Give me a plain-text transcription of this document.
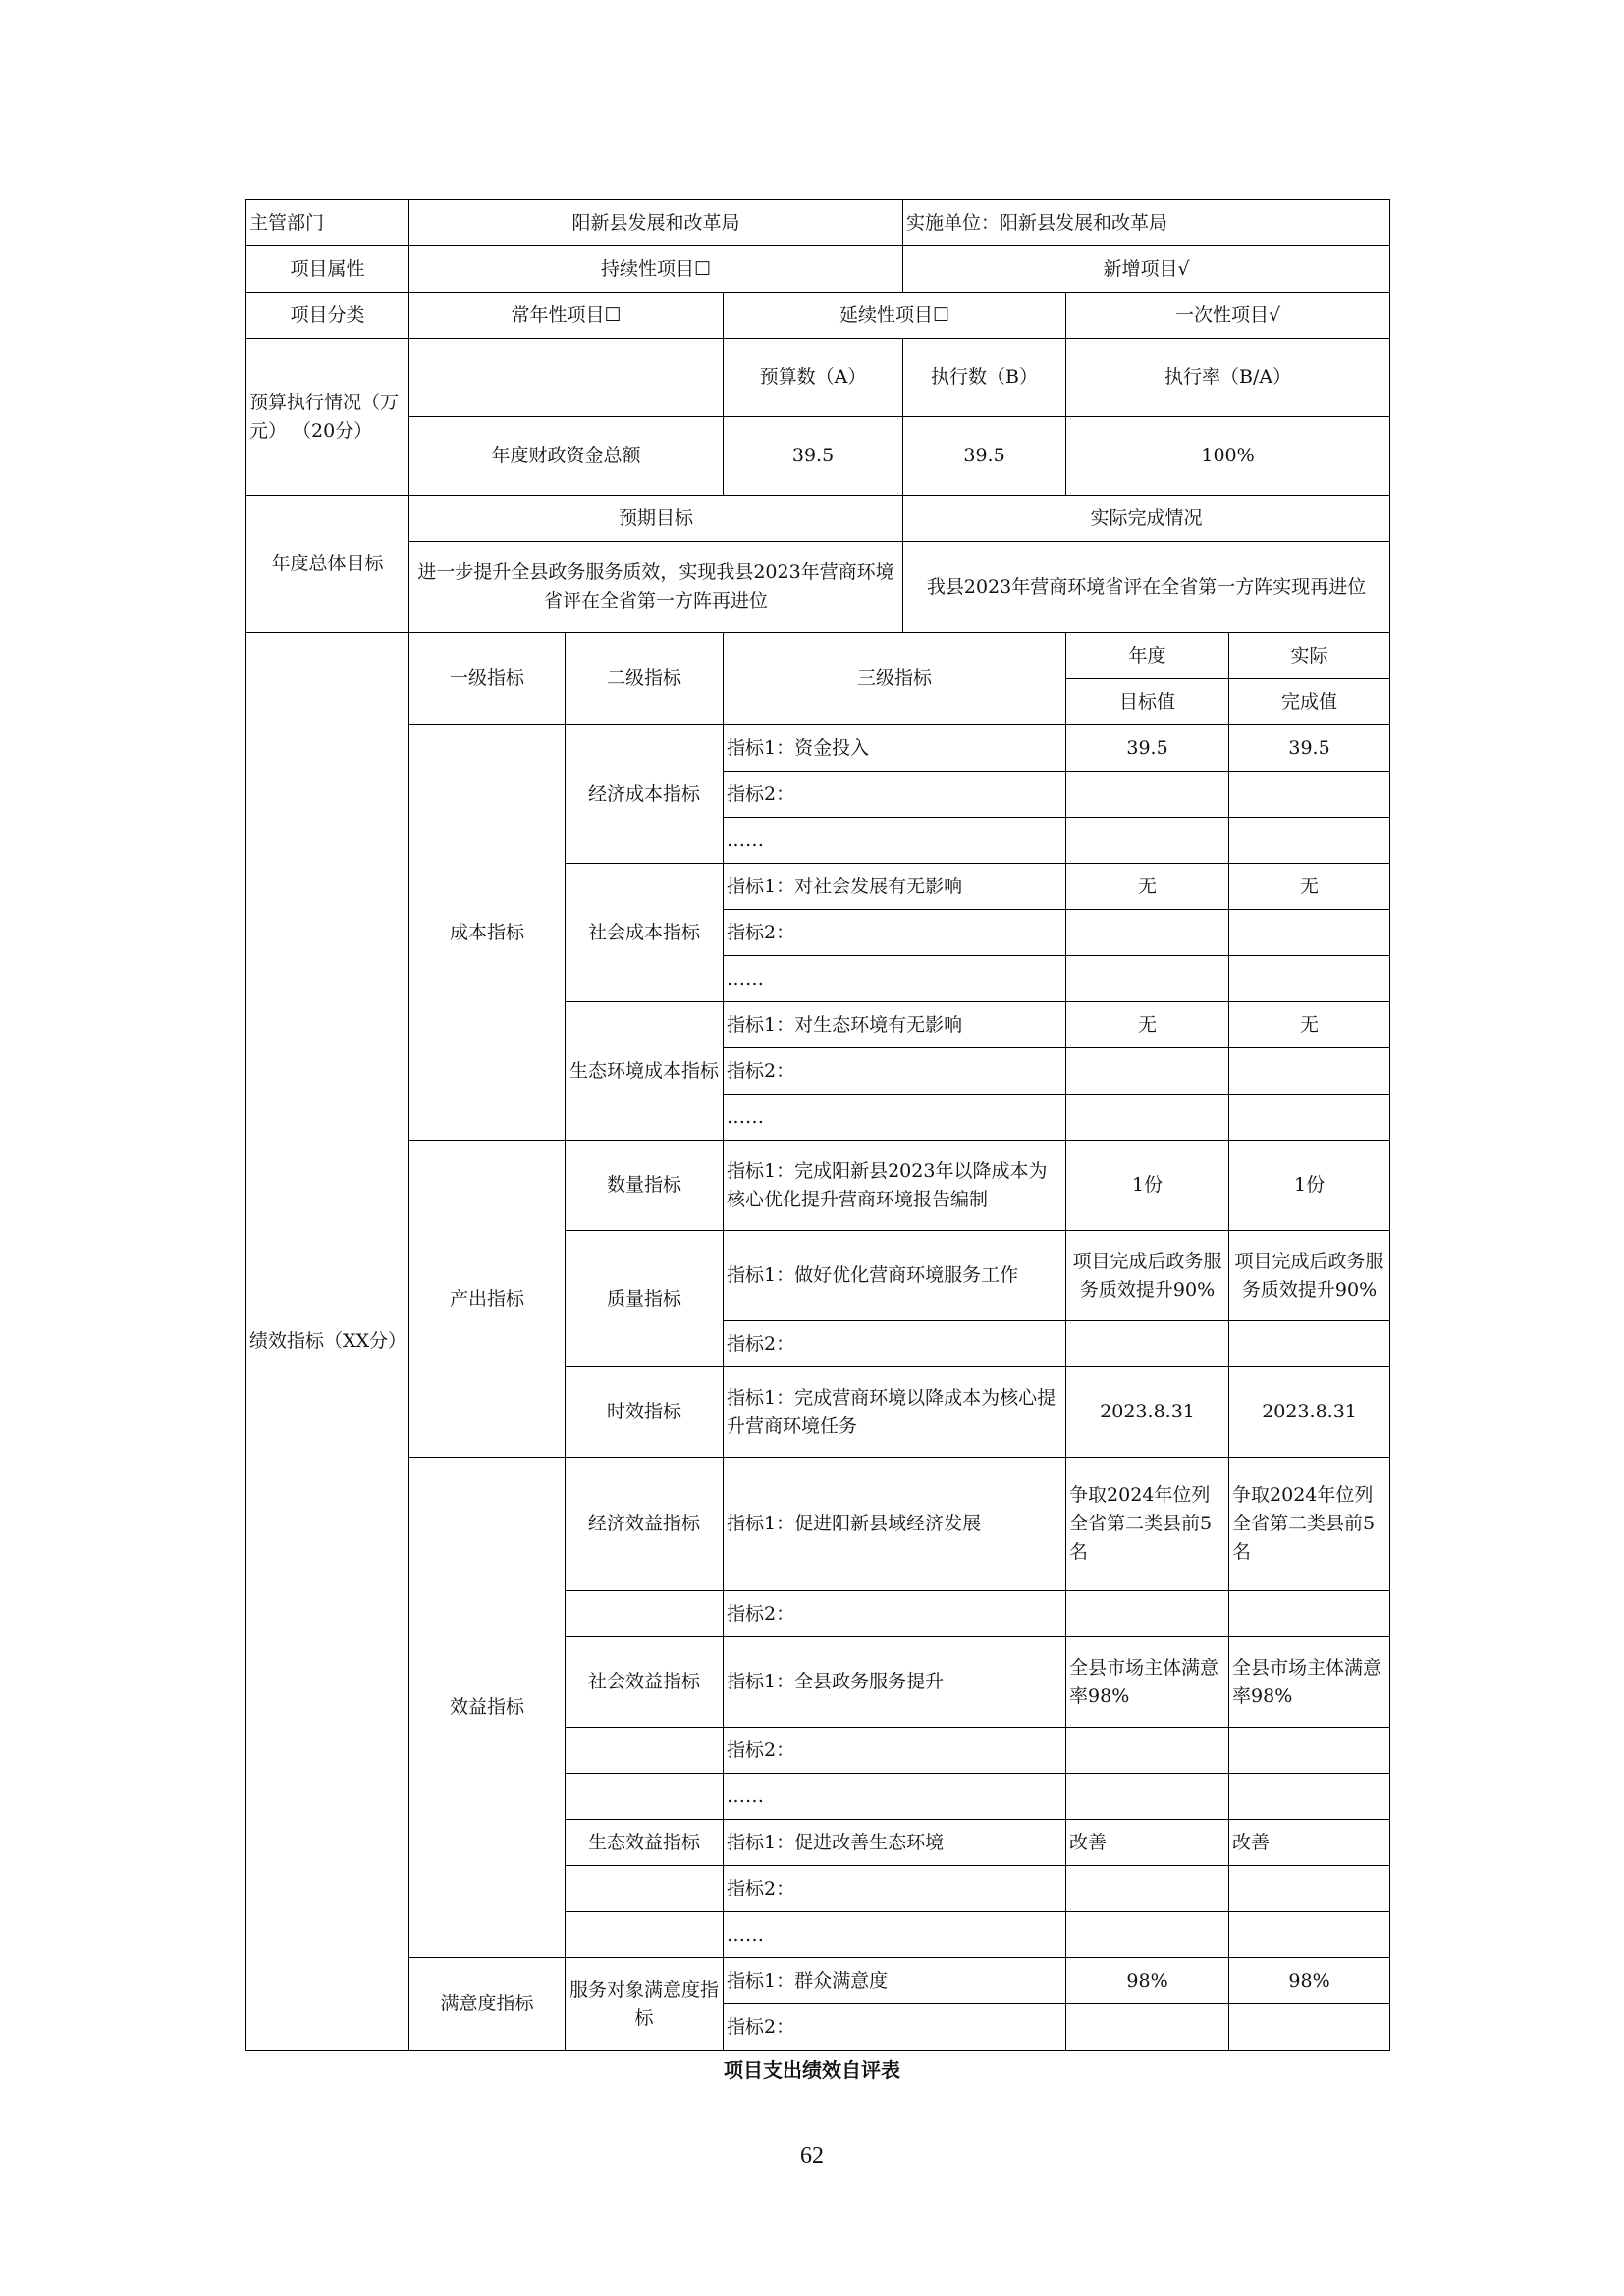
主管部门	阳新县发展和改革局			实施单位：阳新县发展和改革局		
项目属性	持续性项目☐			新增项目√		
项目分类	常年性项目☐		延续性项目☐		一次性项目√	
预算执行情况（万元） （20分）			预算数（A）	执行数（B）	执行率（B/A）	
	年度财政资金总额		39.5	39.5	100%	
年度总体目标	预期目标			实际完成情况		
	进一步提升全县政务服务质效，实现我县2023年营商环境省评在全省第一方阵再进位			我县2023年营商环境省评在全省第一方阵实现再进位		
绩效指标（XX分）	一级指标	二级指标	三级指标		年度	实际
					目标值	完成值
	成本指标	经济成本指标	指标1：资金投入		39.5	39.5
			指标2：			
			……			
		社会成本指标	指标1：对社会发展有无影响		无	无
			指标2：			
			……			
		生态环境成本指标	指标1：对生态环境有无影响		无	无
			指标2：			
			……			
	产出指标	数量指标	指标1：完成阳新县2023年以降成本为核心优化提升营商环境报告编制		1份	1份
		质量指标	指标1：做好优化营商环境服务工作		项目完成后政务服务质效提升90%	项目完成后政务服务质效提升90%
			指标2：			
		时效指标	指标1：完成营商环境以降成本为核心提升营商环境任务		2023.8.31	2023.8.31
	效益指标	经济效益指标	指标1：促进阳新县域经济发展		争取2024年位列全省第二类县前5名	争取2024年位列全省第二类县前5名
			指标2：			
		社会效益指标	指标1：全县政务服务提升		全县市场主体满意率98%	全县市场主体满意率98%
			指标2：			
			……			
		生态效益指标	指标1：促进改善生态环境		改善	改善
			指标2：			
			……			
	满意度指标	服务对象满意度指标	指标1：群众满意度		98%	98%
			指标2：			
项目支出绩效自评表
62
